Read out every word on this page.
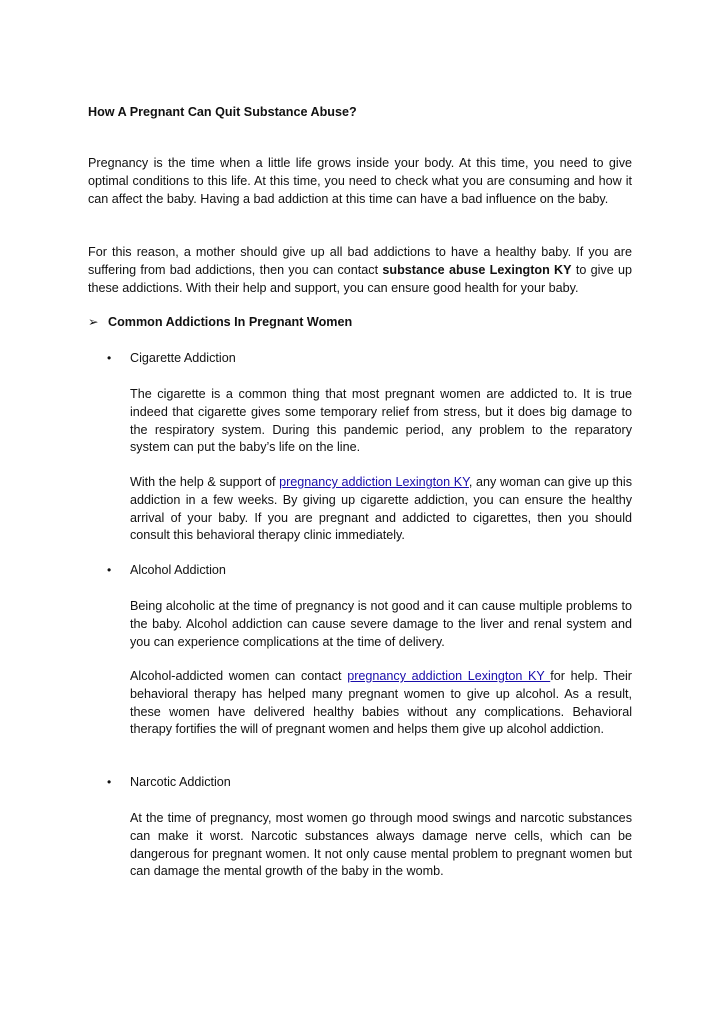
How A Pregnant Can Quit Substance Abuse?

Pregnancy is the time when a little life grows inside your body. At this time, you need to give optimal conditions to this life. At this time, you need to check what you are consuming and how it can affect the baby. Having a bad addiction at this time can have a bad influence on the baby.

For this reason, a mother should give up all bad addictions to have a healthy baby. If you are suffering from bad addictions, then you can contact substance abuse Lexington KY to give up these addictions. With their help and support, you can ensure good health for your baby.

➢ Common Addictions In Pregnant Women
•	Cigarette Addiction

The cigarette is a common thing that most pregnant women are addicted to. It is true indeed that cigarette gives some temporary relief from stress, but it does big damage to the respiratory system. During this pandemic period, any problem to the reparatory system can put the baby’s life on the line.

With the help & support of pregnancy addiction Lexington KY, any woman can give up this addiction in a few weeks. By giving up cigarette addiction, you can ensure the healthy arrival of your baby. If you are pregnant and addicted to cigarettes, then you should consult this behavioral therapy clinic immediately.

•	Alcohol Addiction

Being alcoholic at the time of pregnancy is not good and it can cause multiple problems to the baby. Alcohol addiction can cause severe damage to the liver and renal system and you can experience complications at the time of delivery.

Alcohol-addicted women can contact pregnancy addiction Lexington KY for help. Their behavioral therapy has helped many pregnant women to give up alcohol. As a result, these women have delivered healthy babies without any complications. Behavioral therapy fortifies the will of pregnant women and helps them give up alcohol addiction.

•	Narcotic Addiction

At the time of pregnancy, most women go through mood swings and narcotic substances can make it worst. Narcotic substances always damage nerve cells, which can be dangerous for pregnant women. It not only cause mental problem to pregnant women but can damage the mental growth of the baby in the womb.
